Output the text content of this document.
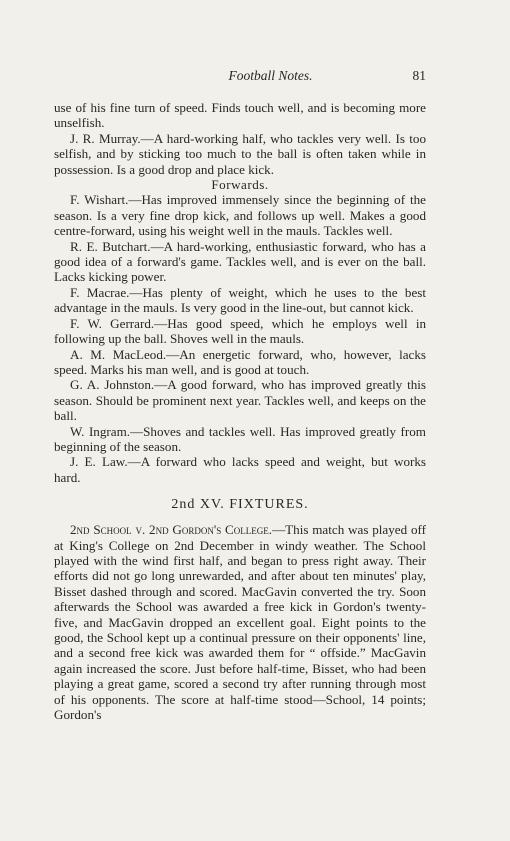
Football Notes.	81

use of his fine turn of speed. Finds touch well, and is becoming more unselfish.

J. R. Murray.—A hard-working half, who tackles very well. Is too selfish, and by sticking too much to the ball is often taken while in possession. Is a good drop and place kick.

Forwards.

F. Wishart.—Has improved immensely since the beginning of the season. Is a very fine drop kick, and follows up well. Makes a good centre-forward, using his weight well in the mauls. Tackles well.

R. E. Butchart.—A hard-working, enthusiastic forward, who has a good idea of a forward's game. Tackles well, and is ever on the ball. Lacks kicking power.

F. Macrae.—Has plenty of weight, which he uses to the best advantage in the mauls. Is very good in the line-out, but cannot kick.

F. W. Gerrard.—Has good speed, which he employs well in following up the ball. Shoves well in the mauls.

A. M. MacLeod.—An energetic forward, who, however, lacks speed. Marks his man well, and is good at touch.

G. A. Johnston.—A good forward, who has improved greatly this season. Should be prominent next year. Tackles well, and keeps on the ball.

W. Ingram.—Shoves and tackles well. Has improved greatly from beginning of the season.

J. E. Law.—A forward who lacks speed and weight, but works hard.

2nd XV. FIXTURES.

2nd School v. 2nd Gordon's College.—This match was played off at King's College on 2nd December in windy weather. The School played with the wind first half, and began to press right away. Their efforts did not go long unrewarded, and after about ten minutes' play, Bisset dashed through and scored. MacGavin converted the try. Soon afterwards the School was awarded a free kick in Gordon's twenty-five, and MacGavin dropped an excellent goal. Eight points to the good, the School kept up a continual pressure on their opponents' line, and a second free kick was awarded them for “ offside.” MacGavin again increased the score. Just before half-time, Bisset, who had been playing a great game, scored a second try after running through most of his opponents. The score at half-time stood—School, 14 points; Gordon's
